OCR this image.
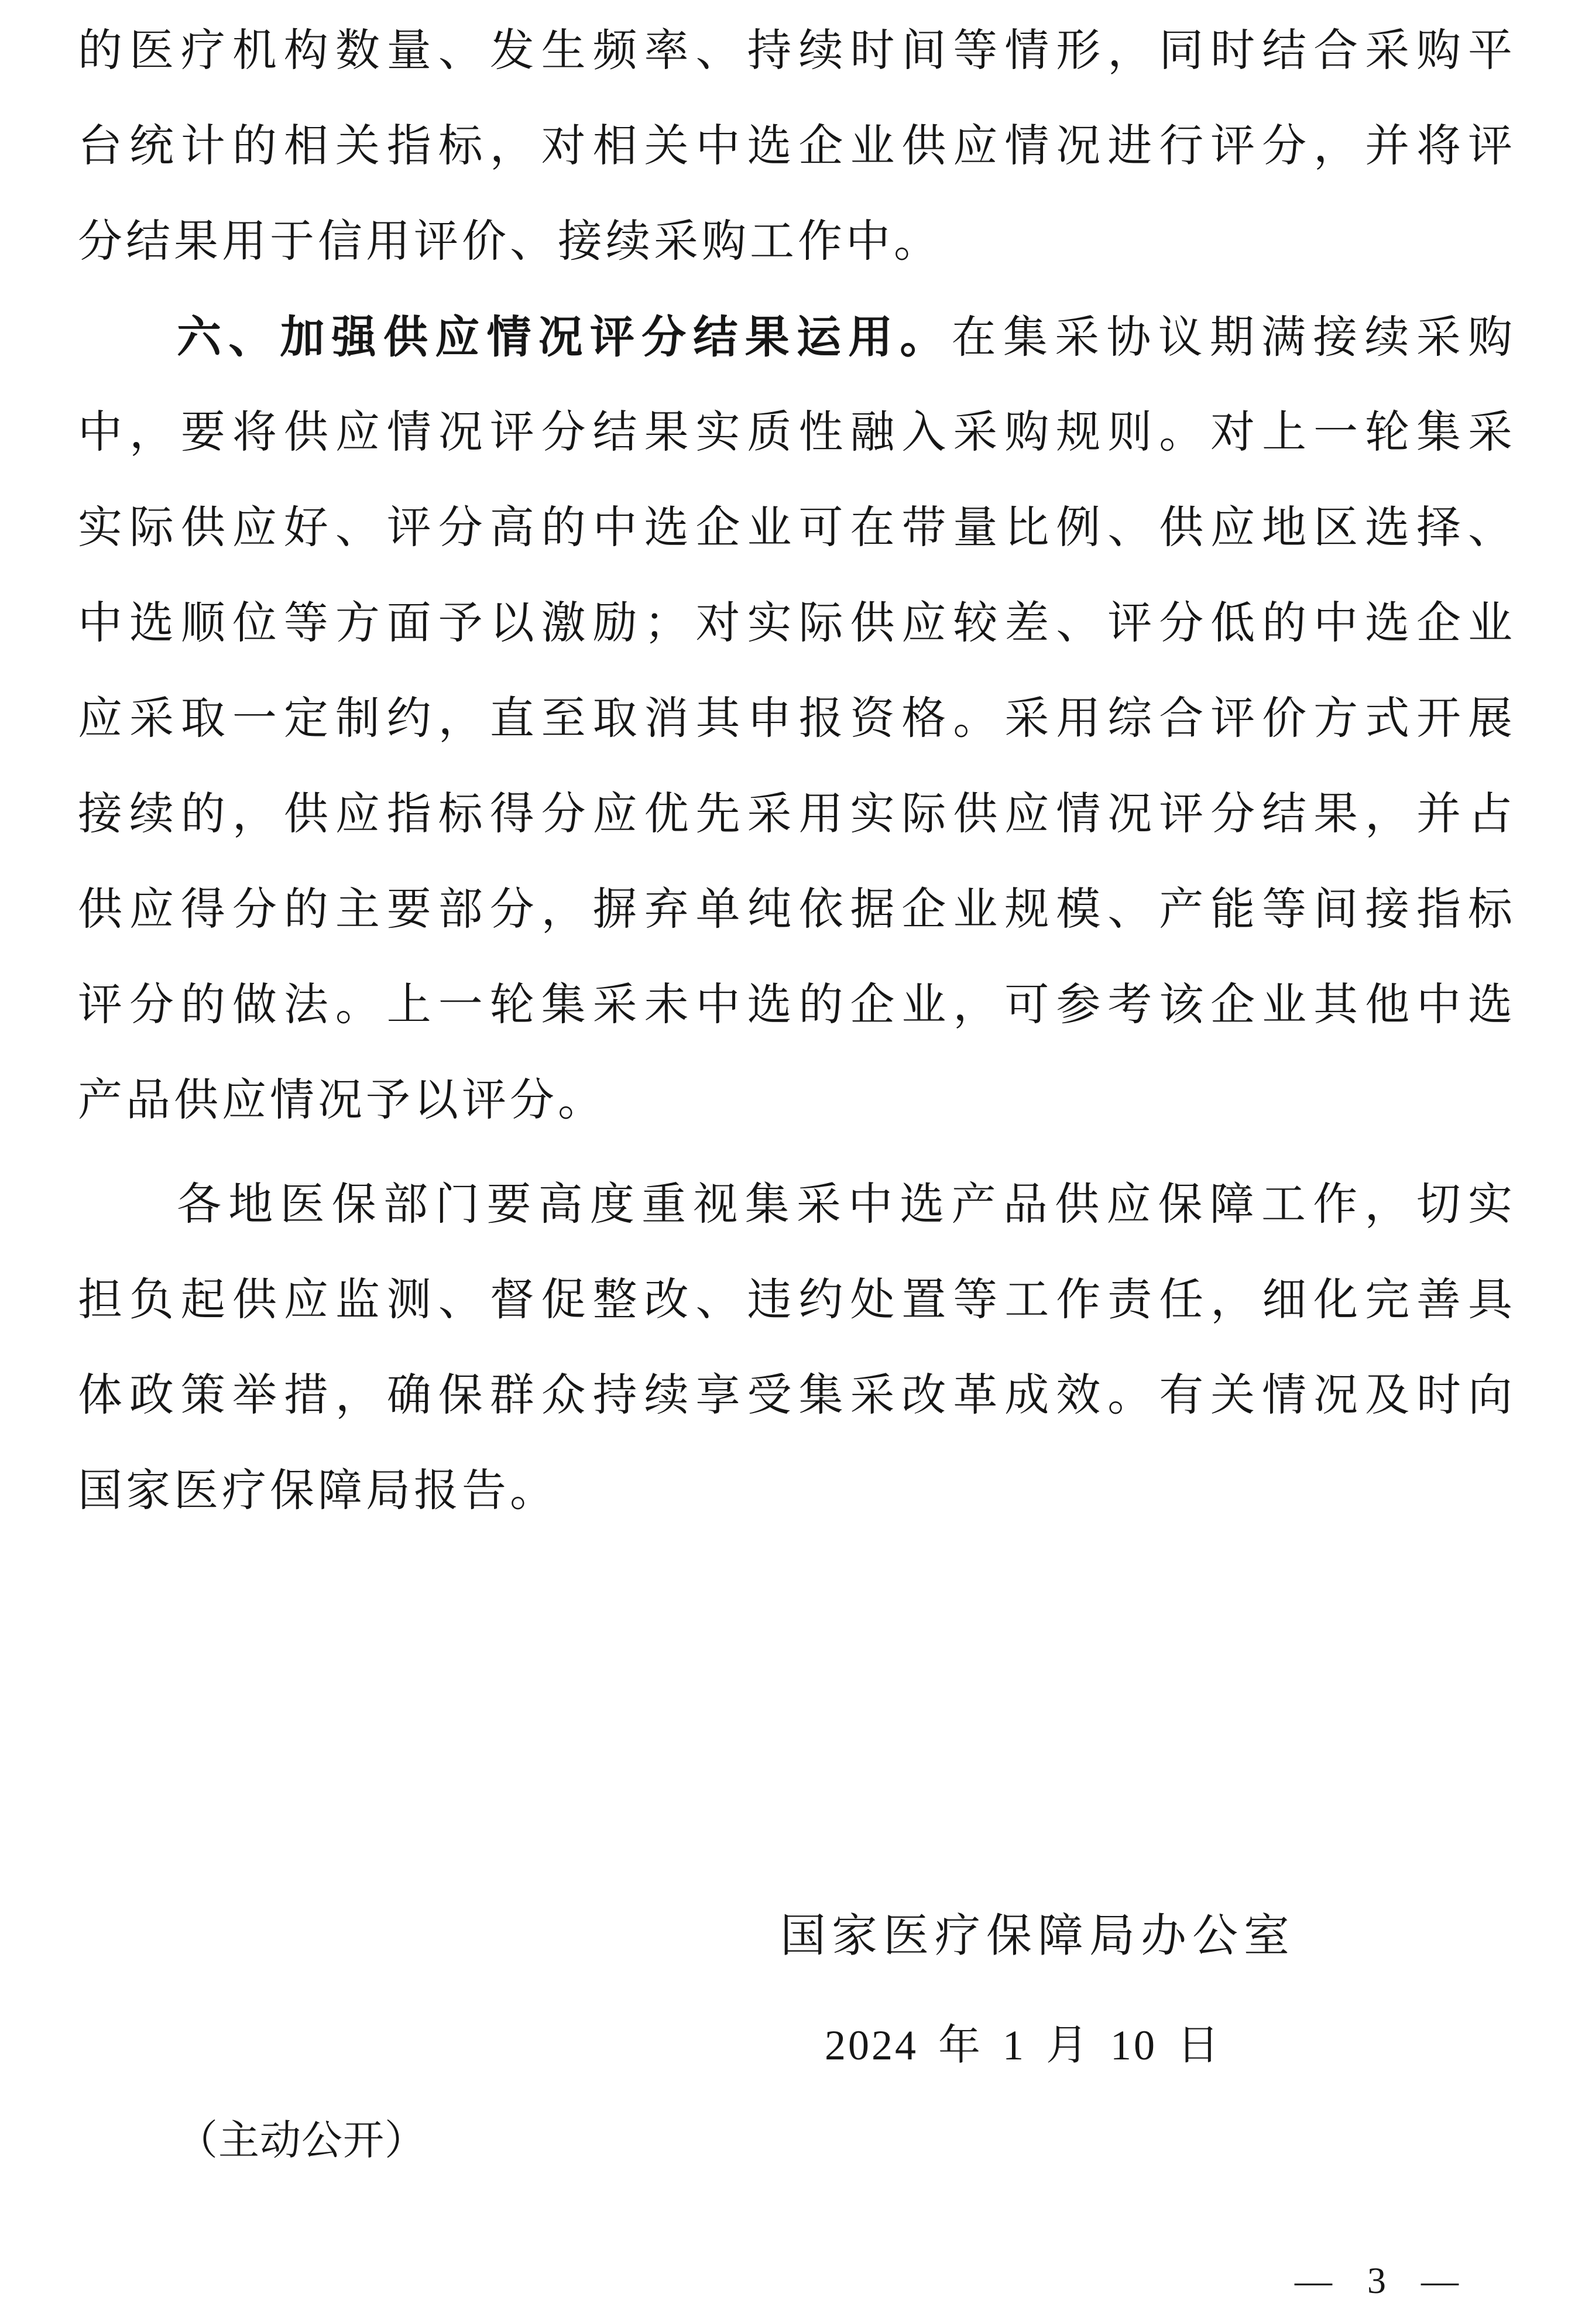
的医疗机构数量、发生频率、持续时间等情形，同时结合采购平
台统计的相关指标，对相关中选企业供应情况进行评分，并将评
分结果用于信用评价、接续采购工作中。
六、加强供应情况评分结果运用。在集采协议期满接续采购
中，要将供应情况评分结果实质性融入采购规则。对上一轮集采
实际供应好、评分高的中选企业可在带量比例、供应地区选择、
中选顺位等方面予以激励；对实际供应较差、评分低的中选企业
应采取一定制约，直至取消其申报资格。采用综合评价方式开展
接续的，供应指标得分应优先采用实际供应情况评分结果，并占
供应得分的主要部分，摒弃单纯依据企业规模、产能等间接指标
评分的做法。上一轮集采未中选的企业，可参考该企业其他中选
产品供应情况予以评分。
各地医保部门要高度重视集采中选产品供应保障工作，切实
担负起供应监测、督促整改、违约处置等工作责任，细化完善具
体政策举措，确保群众持续享受集采改革成效。有关情况及时向
国家医疗保障局报告。
国家医疗保障局办公室
2024 年 1 月 10 日
（主动公开）
— 3 —
